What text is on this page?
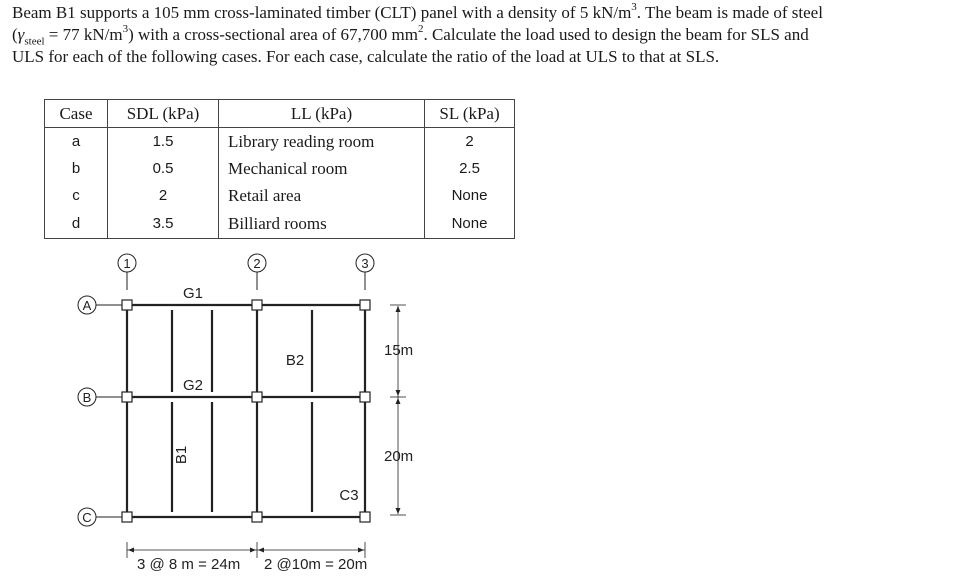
Beam B1 supports a 105 mm cross-laminated timber (CLT) panel with a density of 5 $kN/m^3$. The beam is made of steel

($\gamma_{steel} = 77$ $kN/m^3$) with a cross-sectional area of 67,700 $mm^2$. Calculate the load used to design the beam for SLS and

ULS for each of the following cases. For each case, calculate the ratio of the load at ULS to that at SLS.

Case	SDL (kPa)	LL (kPa)	SL (kPa)
a	1.5	Library reading room	2
b	0.5	Mechanical room	2.5
c	2	Retail area	None
d	3.5	Billiard rooms	None
1	2	3
A
B
C
G1
G2
B1
B2
C3
15m
20m
3 @ 8 m = 24m 2 @10m = 20m
